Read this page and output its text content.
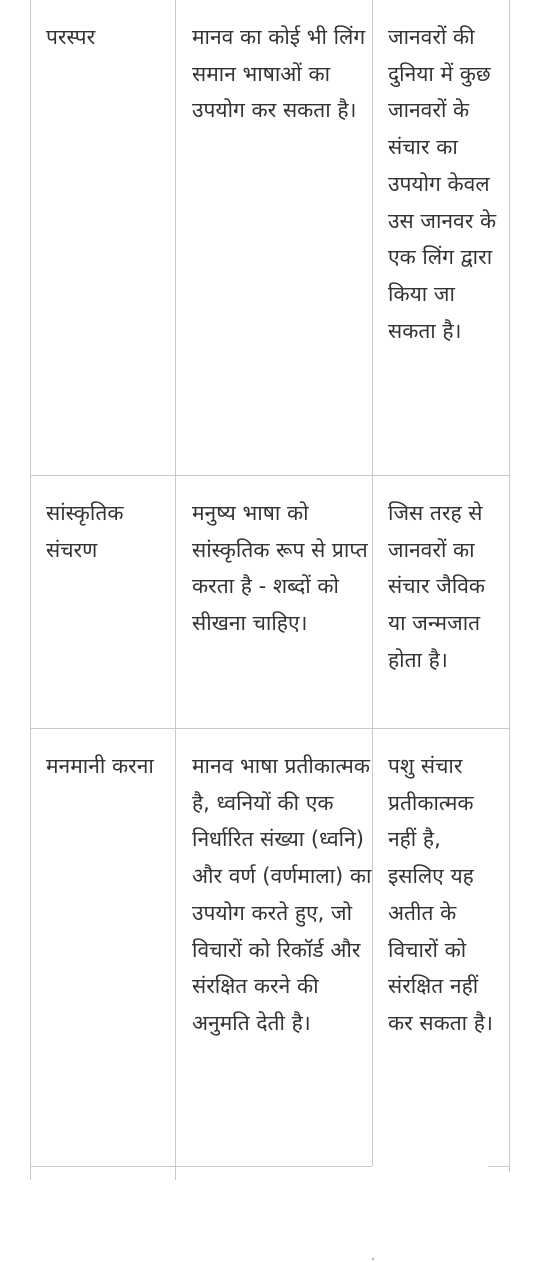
परस्पर	मानव का कोई भी लिंग समान भाषाओं का उपयोग कर सकता है।
जानवरों की दुनिया में कुछ जानवरों के संचार का उपयोग केवल उस जानवर के एक लिंग द्वारा किया जा सकता है।
सांस्कृतिक संचरण
मनुष्य भाषा को सांस्कृतिक रूप से प्राप्त करता है - शब्दों को सीखना चाहिए।
जिस तरह से जानवरों का संचार जैविक या जन्मजात होता है।
मनमानी करना	मानव भाषा प्रतीकात्मक है, ध्वनियों की एक निर्धारित संख्या (ध्वनि) और वर्ण (वर्णमाला) का उपयोग करते हुए, जो विचारों को रिकॉर्ड और संरक्षित करने की अनुमति देती है।
पशु संचार प्रतीकात्मक नहीं है, इसलिए यह अतीत के विचारों को संरक्षित नहीं कर सकता है।
